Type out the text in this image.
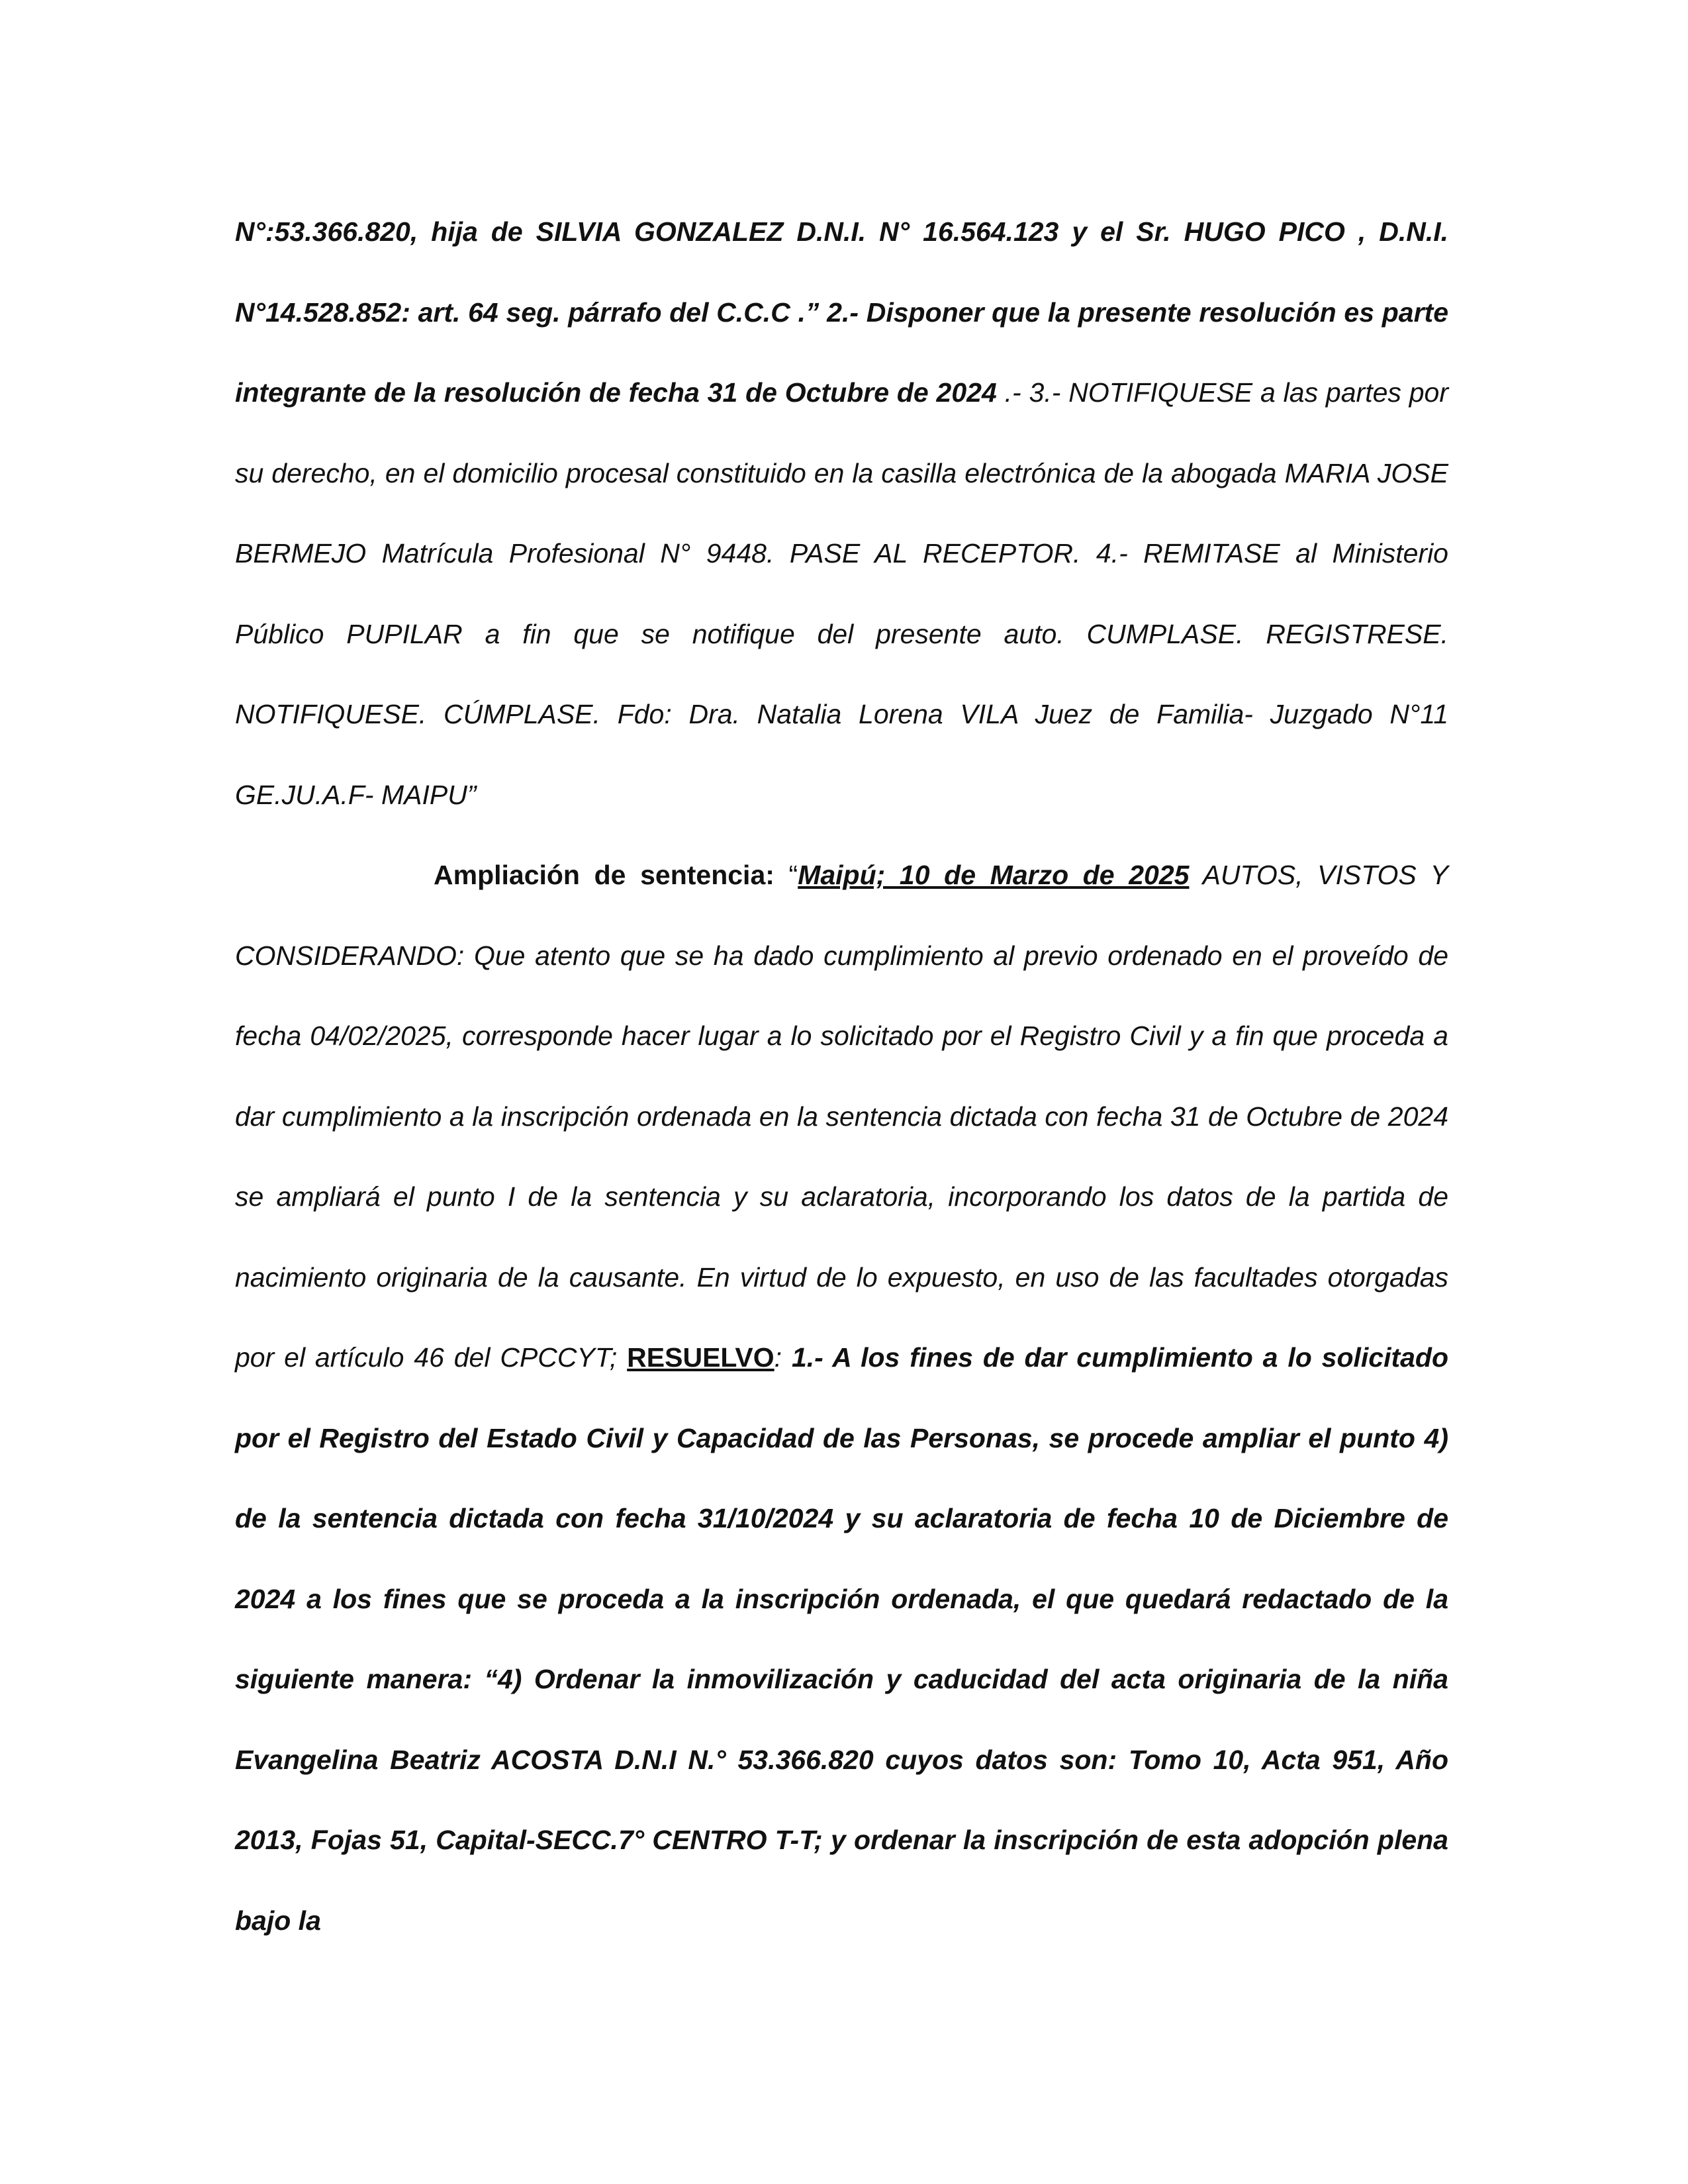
N°:53.366.820, hija de SILVIA GONZALEZ D.N.I. N° 16.564.123 y el Sr. HUGO PICO , D.N.I. N°14.528.852: art. 64 seg. párrafo del C.C.C .” 2.- Disponer que la presente resolución es parte integrante de la resolución de fecha 31 de Octubre de 2024 .- 3.- NOTIFIQUESE a las partes por su derecho, en el domicilio procesal constituido en la casilla electrónica de la abogada MARIA JOSE BERMEJO Matrícula Profesional N° 9448. PASE AL RECEPTOR. 4.- REMITASE al Ministerio Público PUPILAR a fin que se notifique del presente auto. CUMPLASE. REGISTRESE. NOTIFIQUESE. CÚMPLASE. Fdo: Dra. Natalia Lorena VILA Juez de Familia- Juzgado N°11 GE.JU.A.F- MAIPU”

Ampliación de sentencia: “Maipú; 10 de Marzo de 2025 AUTOS, VISTOS Y CONSIDERANDO: Que atento que se ha dado cumplimiento al previo ordenado en el proveído de fecha 04/02/2025, corresponde hacer lugar a lo solicitado por el Registro Civil y a fin que proceda a dar cumplimiento a la inscripción ordenada en la sentencia dictada con fecha 31 de Octubre de 2024 se ampliará el punto I de la sentencia y su aclaratoria, incorporando los datos de la partida de nacimiento originaria de la causante. En virtud de lo expuesto, en uso de las facultades otorgadas por el artículo 46 del CPCCYT; RESUELVO: 1.- A los fines de dar cumplimiento a lo solicitado por el Registro del Estado Civil y Capacidad de las Personas, se procede ampliar el punto 4) de la sentencia dictada con fecha 31/10/2024 y su aclaratoria de fecha 10 de Diciembre de 2024 a los fines que se proceda a la inscripción ordenada, el que quedará redactado de la siguiente manera: “4) Ordenar la inmovilización y caducidad del acta originaria de la niña Evangelina Beatriz ACOSTA D.N.I N.° 53.366.820 cuyos datos son: Tomo 10, Acta 951, Año 2013, Fojas 51, Capital-SECC.7° CENTRO T-T; y ordenar la inscripción de esta adopción plena bajo la
